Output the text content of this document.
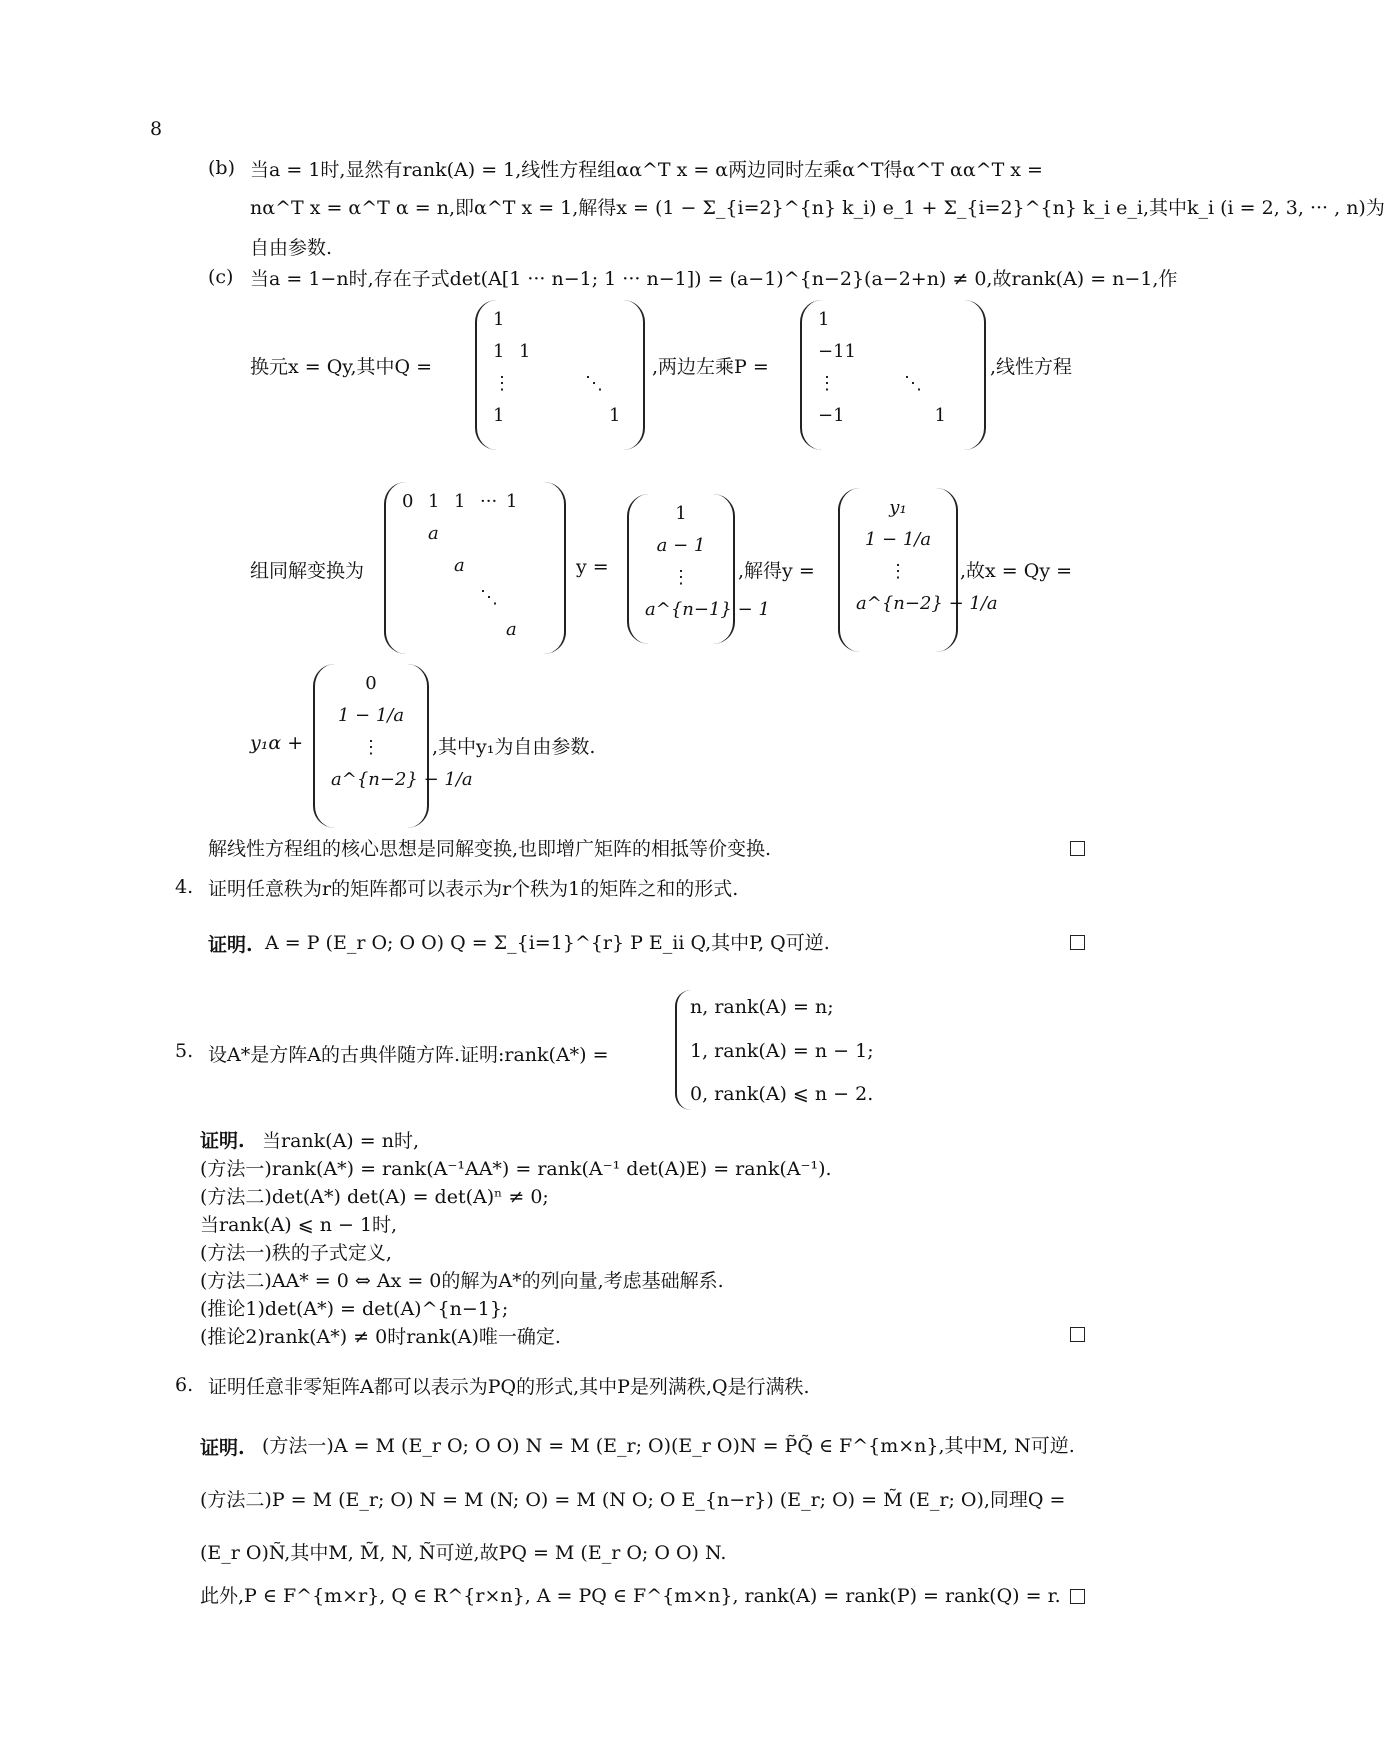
8
(b) 当a = 1时,显然有rank(A) = 1,线性方程组αα^T x = α两边同时左乘α^T得α^T αα^T x =
nα^T x = α^T α = n,即α^T x = 1,解得x = (1 − Σ_{i=2}^{n} k_i) e_1 + Σ_{i=2}^{n} k_i e_i,其中k_i (i = 2, 3, ··· , n)为
自由参数.
(c) 当a = 1−n时,存在子式det(A[1 ··· n−1; 1 ··· n−1]) = (a−1)^{n−2}(a−2+n) ≠ 0,故rank(A) = n−1,作
换元x = Qy,其中Q =
1
1 1
⋮	⋱
1	1
,两边左乘P =
1
−11
⋮	⋱
−1	1
,线性方程
组同解变换为
0 1 1 ··· 1
a
a
⋱
a
y =
1
a − 1
⋮
a^{n−1} − 1
,解得y =
y₁
1 − 1/a
⋮
a^{n−2} − 1/a
,故x = Qy =
y₁α +
0
1 − 1/a
⋮
a^{n−2} − 1/a
,其中y₁为自由参数.
解线性方程组的核心思想是同解变换,也即增广矩阵的相抵等价变换.
4. 证明任意秩为r的矩阵都可以表示为r个秩为1的矩阵之和的形式.
证明. A = P (E_r O; O O) Q = Σ_{i=1}^{r} P E_ii Q,其中P, Q可逆.
5. 设A*是方阵A的古典伴随方阵.证明:rank(A*) =
n, rank(A) = n;
1, rank(A) = n − 1;
0, rank(A) ⩽ n − 2.
证明. 当rank(A) = n时,
(方法一)rank(A*) = rank(A⁻¹AA*) = rank(A⁻¹ det(A)E) = rank(A⁻¹).
(方法二)det(A*) det(A) = det(A)ⁿ ≠ 0;
当rank(A) ⩽ n − 1时,
(方法一)秩的子式定义,
(方法二)AA* = 0 ⇔ Ax = 0的解为A*的列向量,考虑基础解系.
(推论1)det(A*) = det(A)^{n−1};
(推论2)rank(A*) ≠ 0时rank(A)唯一确定.
6. 证明任意非零矩阵A都可以表示为PQ的形式,其中P是列满秩,Q是行满秩.
证明. (方法一)A = M (E_r O; O O) N = M (E_r; O)(E_r O)N = P̃Q̃ ∈ F^{m×n},其中M, N可逆.
(方法二)P = M (E_r; O) N = M (N; O) = M (N O; O E_{n−r}) (E_r; O) = M̃ (E_r; O),同理Q =
(E_r O)Ñ,其中M, M̃, N, Ñ可逆,故PQ = M (E_r O; O O) N.
此外,P ∈ F^{m×r}, Q ∈ R^{r×n}, A = PQ ∈ F^{m×n}, rank(A) = rank(P) = rank(Q) = r.
